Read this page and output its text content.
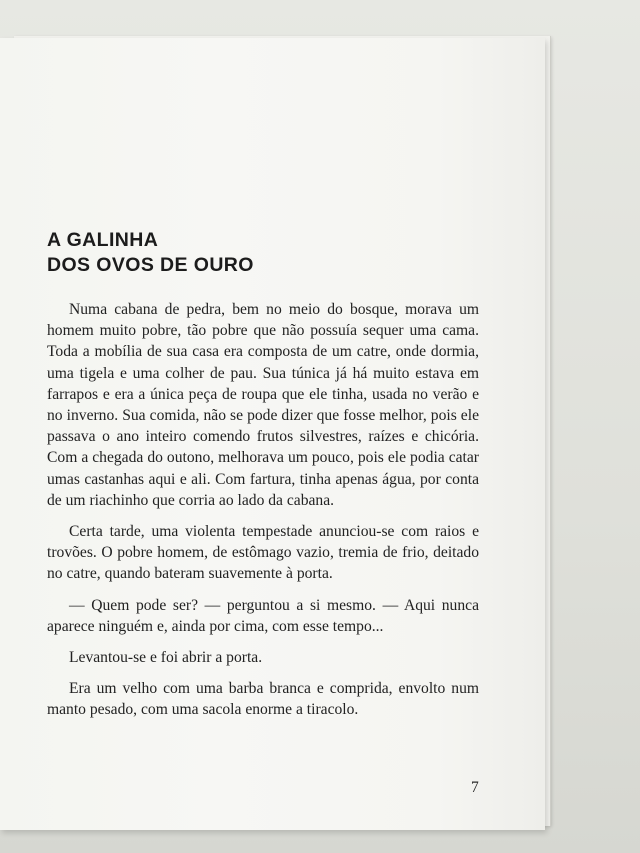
A GALINHA
DOS OVOS DE OURO

Numa cabana de pedra, bem no meio do bosque, morava um homem muito pobre, tão pobre que não possuía sequer uma cama. Toda a mobília de sua casa era composta de um catre, onde dormia, uma tigela e uma colher de pau. Sua túnica já há muito estava em farrapos e era a única peça de roupa que ele tinha, usada no verão e no inverno. Sua comida, não se pode dizer que fosse melhor, pois ele passava o ano inteiro comendo frutos silvestres, raízes e chicória. Com a chegada do outono, melhorava um pouco, pois ele podia catar umas castanhas aqui e ali. Com fartura, tinha apenas água, por conta de um riachinho que corria ao lado da cabana.

Certa tarde, uma violenta tempestade anunciou-se com raios e trovões. O pobre homem, de estômago vazio, tremia de frio, deitado no catre, quando bateram suavemente à porta.

— Quem pode ser? — perguntou a si mesmo. — Aqui nunca aparece ninguém e, ainda por cima, com esse tempo...

Levantou-se e foi abrir a porta.

Era um velho com uma barba branca e comprida, envolto num manto pesado, com uma sacola enorme a tiracolo.

7
